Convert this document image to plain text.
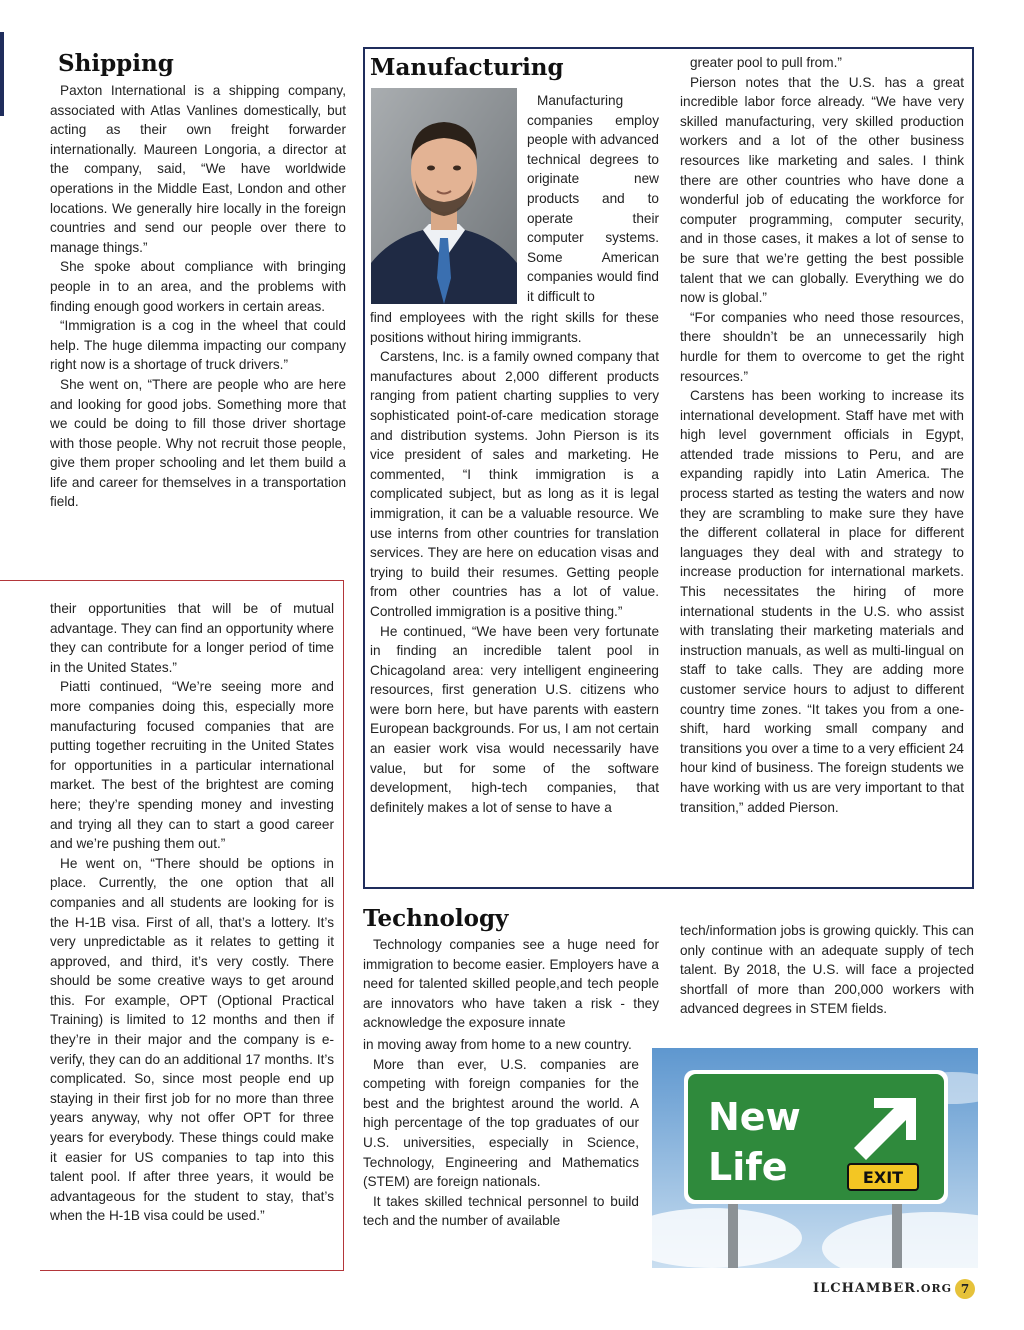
Shipping

Paxton International is a shipping company, associated with Atlas Vanlines domestically, but acting as their own freight forwarder internationally. Maureen Longoria, a director at the company, said, “We have worldwide operations in the Middle East, London and other locations. We generally hire locally in the foreign countries and send our people over there to manage things.”

She spoke about compliance with bringing people in to an area, and the problems with finding enough good workers in certain areas.

“Immigration is a cog in the wheel that could help. The huge dilemma impacting our company right now is a shortage of truck drivers.”

She went on, “There are people who are here and looking for good jobs. Something more that we could be doing to fill those driver shortage with those people. Why not recruit those people, give them proper schooling and let them build a life and career for themselves in a transportation field.

their opportunities that will be of mutual advantage. They can find an opportunity where they can contribute for a longer period of time in the United States.”

Piatti continued, “We’re seeing more and more companies doing this, especially more manufacturing focused companies that are putting together recruiting in the United States for opportunities in a particular international market. The best of the brightest are coming here; they’re spending money and investing and trying all they can to start a good career and we’re pushing them out.”

He went on, “There should be options in place. Currently, the one option that all companies and all students are looking for is the H-1B visa. First of all, that’s a lottery. It’s very unpredictable as it relates to getting it approved, and third, it’s very costly. There should be some creative ways to get around this. For example, OPT (Optional Practical Training) is limited to 12 months and then if they’re in their major and the company is e-verify, they can do an additional 17 months. It’s complicated. So, since most people end up staying in their first job for no more than three years anyway, why not offer OPT for three years for everybody. These things could make it easier for US companies to tap into this talent pool. If after three years, it would be advantageous for the student to stay, that’s when the H-1B visa could be used.”

Manufacturing

Manufacturing companies employ people with advanced technical degrees to originate new products and to operate their computer systems. Some American companies would find it difficult to

find employees with the right skills for these positions without hiring immigrants.

Carstens, Inc. is a family owned company that manufactures about 2,000 different products ranging from patient charting supplies to very sophisticated point-of-care medication storage and distribution systems. John Pierson is its vice president of sales and marketing. He commented, “I think immigration is a complicated subject, but as long as it is legal immigration, it can be a valuable resource. We use interns from other countries for translation services. They are here on education visas and trying to build their resumes. Getting people from other countries has a lot of value. Controlled immigration is a positive thing.”

He continued, “We have been very fortunate in finding an incredible talent pool in Chicagoland area: very intelligent engineering resources, first generation U.S. citizens who were born here, but have parents with eastern European backgrounds. For us, I am not certain an easier work visa would necessarily have value, but for some of the software development, high-tech companies, that definitely makes a lot of sense to have a

greater pool to pull from.”

Pierson notes that the U.S. has a great incredible labor force already. “We have very skilled manufacturing, very skilled production workers and a lot of the other business resources like marketing and sales. I think there are other countries who have done a wonderful job of educating the workforce for computer programming, computer security, and in those cases, it makes a lot of sense to be sure that we’re getting the best possible talent that we can globally. Everything we do now is global.”

“For companies who need those resources, there shouldn’t be an unnecessarily high hurdle for them to overcome to get the right resources.”

Carstens has been working to increase its international development. Staff have met with high level government officials in Egypt, attended trade missions to Peru, and are expanding rapidly into Latin America. The process started as testing the waters and now they are scrambling to make sure they have the different collateral in place for different languages they deal with and strategy to increase production for international markets. This necessitates the hiring of more international students in the U.S. who assist with translating their marketing materials and instruction manuals, as well as multi-lingual on staff to take calls. They are adding more customer service hours to adjust to different country time zones. “It takes you from a one-shift, hard working small company and transitions you over a time to a very efficient 24 hour kind of business. The foreign students we have working with us are very important to that transition,” added Pierson.

Technology

Technology companies see a huge need for immigration to become easier. Employers have a need for talented skilled people,and tech people are innovators who have taken a risk - they acknowledge the exposure innate

in moving away from home to a new country.

More than ever, U.S. companies are competing with foreign companies for the best and the brightest around the world. A high percentage of the top graduates of our U.S. universities, especially in Science, Technology, Engineering and Mathematics (STEM) are foreign nationals.

It takes skilled technical personnel to build tech and the number of available

tech/information jobs is growing quickly. This can only continue with an adequate supply of tech talent. By 2018, the U.S. will face a projected shortfall of more than 200,000 workers with advanced degrees in STEM fields.

EXIT
New
Life
ILCHAMBER.ORG 7
